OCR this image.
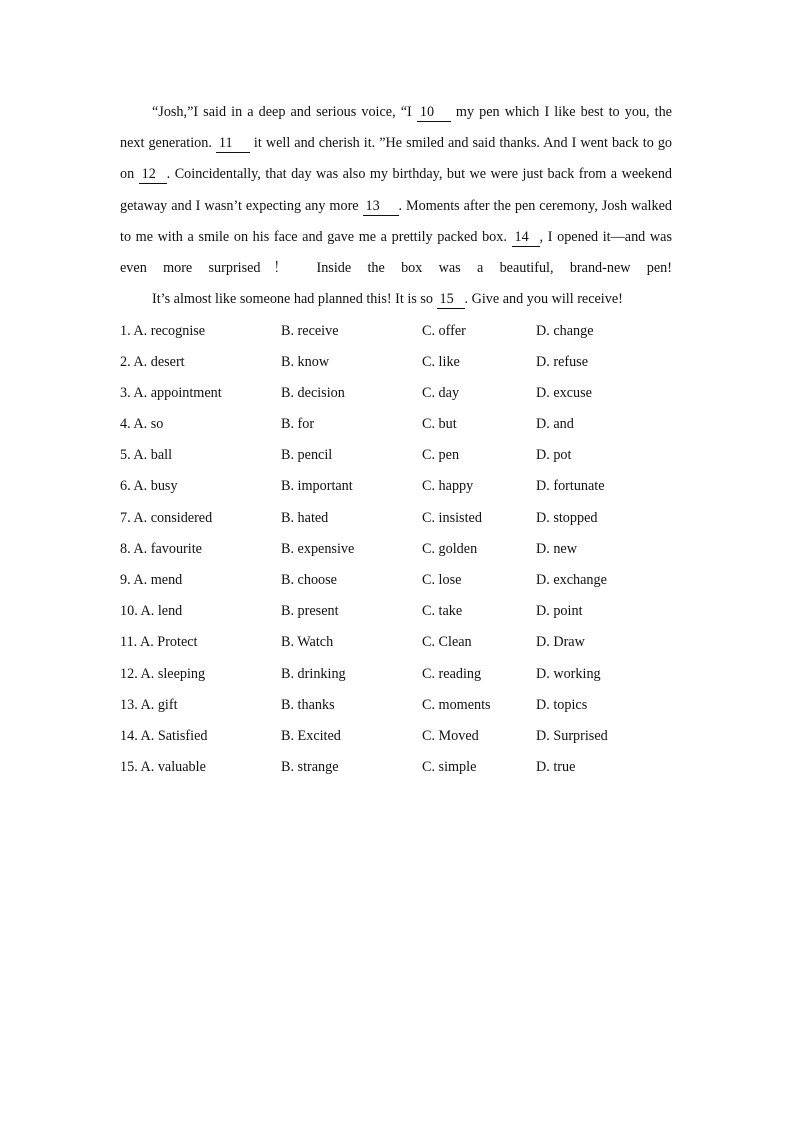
“Josh,”I said in a deep and serious voice, “I 10 my pen which I like best to you, the next generation. 11 it well and cherish it. ”He smiled and said thanks. And I went back to go on 12 . Coincidentally, that day was also my birthday, but we were just back from a weekend getaway and I wasn’t expecting any more 13 . Moments after the pen ceremony, Josh walked to me with a smile on his face and gave me a prettily packed box. 14 , I opened it—and was even more surprised！ Inside the box was a beautiful, brand-new pen!

It’s almost like someone had planned this! It is so 15 . Give and you will receive!

1. A. recognise	B. receive	C. offer	D. change
2. A. desert	B. know	C. like	D. refuse
3. A. appointment	B. decision	C. day	D. excuse
4. A. so	B. for	C. but	D. and
5. A. ball	B. pencil	C. pen	D. pot
6. A. busy	B. important	C. happy	D. fortunate
7. A. considered	B. hated	C. insisted	D. stopped
8. A. favourite	B. expensive	C. golden	D. new
9. A. mend	B. choose	C. lose	D. exchange
10. A. lend	B. present	C. take	D. point
11. A. Protect	B. Watch	C. Clean	D. Draw
12. A. sleeping	B. drinking	C. reading	D. working
13. A. gift	B. thanks	C. moments	D. topics
14. A. Satisfied	B. Excited	C. Moved	D. Surprised
15. A. valuable	B. strange	C. simple	D. true
